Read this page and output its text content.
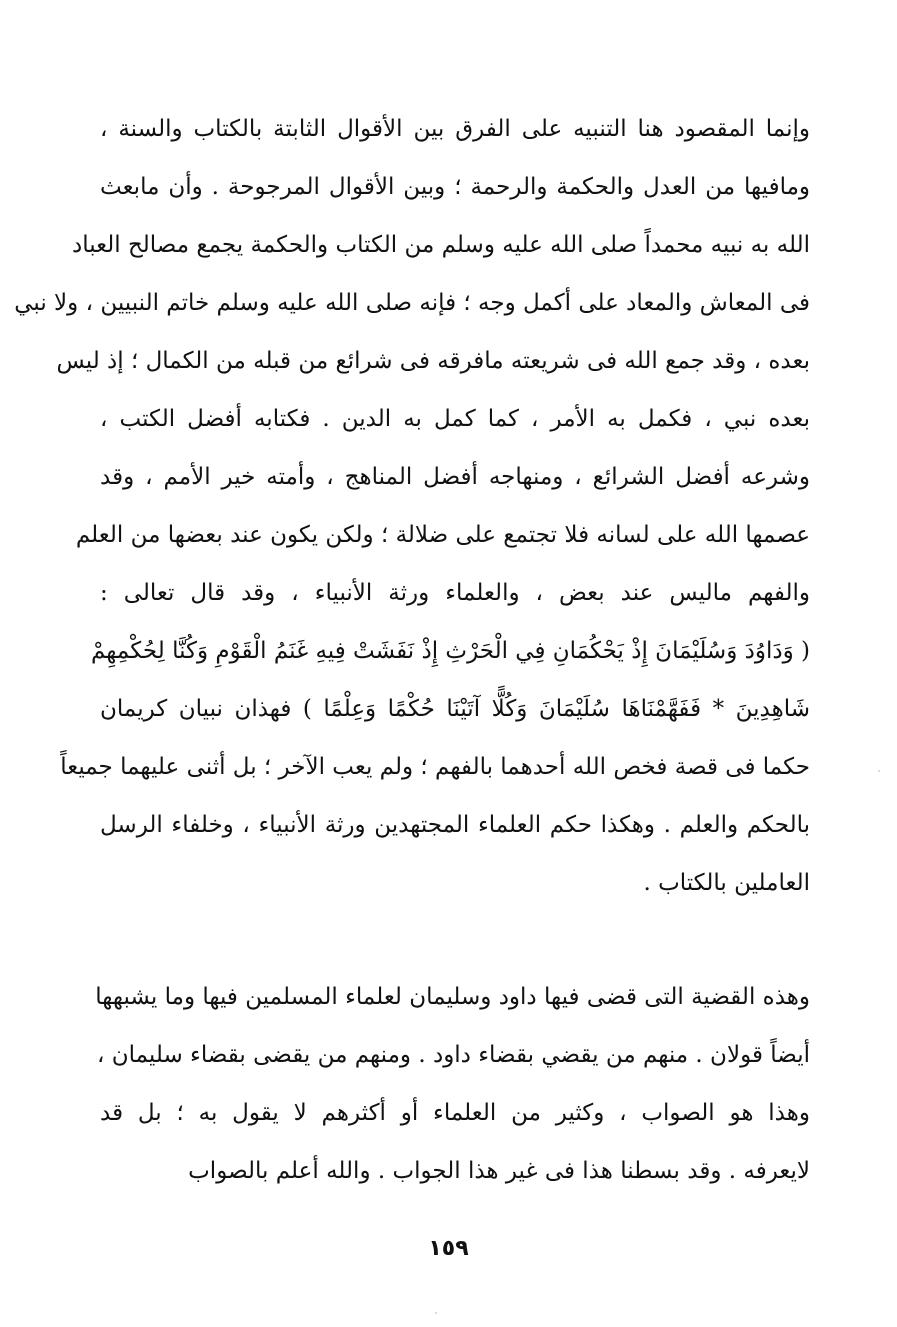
وإنما المقصود هنا التنبيه على الفرق بين الأقوال الثابتة بالكتاب والسنة ،
ومافيها من العدل والحكمة والرحمة ؛ وبين الأقوال المرجوحة . وأن مابعث
الله به نبيه محمداً صلى الله عليه وسلم من الكتاب والحكمة يجمع مصالح العباد
فى المعاش والمعاد على أكمل وجه ؛ فإنه صلى الله عليه وسلم خاتم النبيين ، ولا نبي
بعده ، وقد جمع الله فى شريعته مافرقه فى شرائع من قبله من الكمال ؛ إذ ليس
بعده نبي ، فكمل به الأمر ، كما كمل به الدين . فكتابه أفضل الكتب ،
وشرعه أفضل الشرائع ، ومنهاجه أفضل المناهج ، وأمته خير الأمم ، وقد
عصمها الله على لسانه فلا تجتمع على ضلالة ؛ ولكن يكون عند بعضها من العلم
والفهم ماليس عند بعض ، والعلماء ورثة الأنبياء ، وقد قال تعالى :
( وَدَاوُدَ وَسُلَيْمَانَ إِذْ يَحْكُمَانِ فِي الْحَرْثِ إِذْ نَفَشَتْ فِيهِ غَنَمُ الْقَوْمِ وَكُنَّا لِحُكْمِهِمْ
شَاهِدِينَ * فَفَهَّمْنَاهَا سُلَيْمَانَ وَكُلًّا آتَيْنَا حُكْمًا وَعِلْمًا ) فهذان نبيان كريمان
حكما فى قصة فخص الله أحدهما بالفهم ؛ ولم يعب الآخر ؛ بل أثنى عليهما جميعاً
بالحكم والعلم . وهكذا حكم العلماء المجتهدين ورثة الأنبياء ، وخلفاء الرسل
العاملين بالكتاب .
وهذه القضية التى قضى فيها داود وسليمان لعلماء المسلمين فيها وما يشبهها
أيضاً قولان . منهم من يقضي بقضاء داود . ومنهم من يقضى بقضاء سليمان ،
وهذا هو الصواب ، وكثير من العلماء أو أكثرهم لا يقول به ؛ بل قد
لايعرفه . وقد بسطنا هذا فى غير هذا الجواب . والله أعلم بالصواب
١٥٩
